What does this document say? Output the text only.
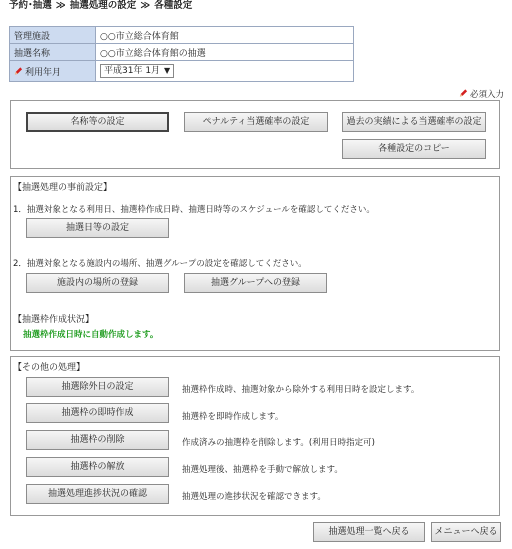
予約･抽選 ≫ 抽選処理の設定 ≫ 各種設定
管理施設	○○市立総合体育館
抽選名称	○○市立総合体育館の抽選
利用年月	平成31年 1月 ▼
必須入力
名称等の設定	ペナルティ当選確率の設定	過去の実績による当選確率の設定
各種設定のコピー
【抽選処理の事前設定】
1．抽選対象となる利用日、抽選枠作成日時、抽選日時等のスケジュールを確認してください。
抽選日等の設定
2．抽選対象となる施設内の場所、抽選グループの設定を確認してください。
施設内の場所の登録	抽選グループへの登録
【抽選枠作成状況】
抽選枠作成日時に自動作成します。
【その他の処理】
抽選除外日の設定	抽選枠作成時、抽選対象から除外する利用日時を設定します。
抽選枠の即時作成	抽選枠を即時作成します。
抽選枠の削除	作成済みの抽選枠を削除します。(利用日時指定可)
抽選枠の解放	抽選処理後、抽選枠を手動で解放します。
抽選処理進捗状況の確認	抽選処理の進捗状況を確認できます。
抽選処理一覧へ戻る	メニューへ戻る
